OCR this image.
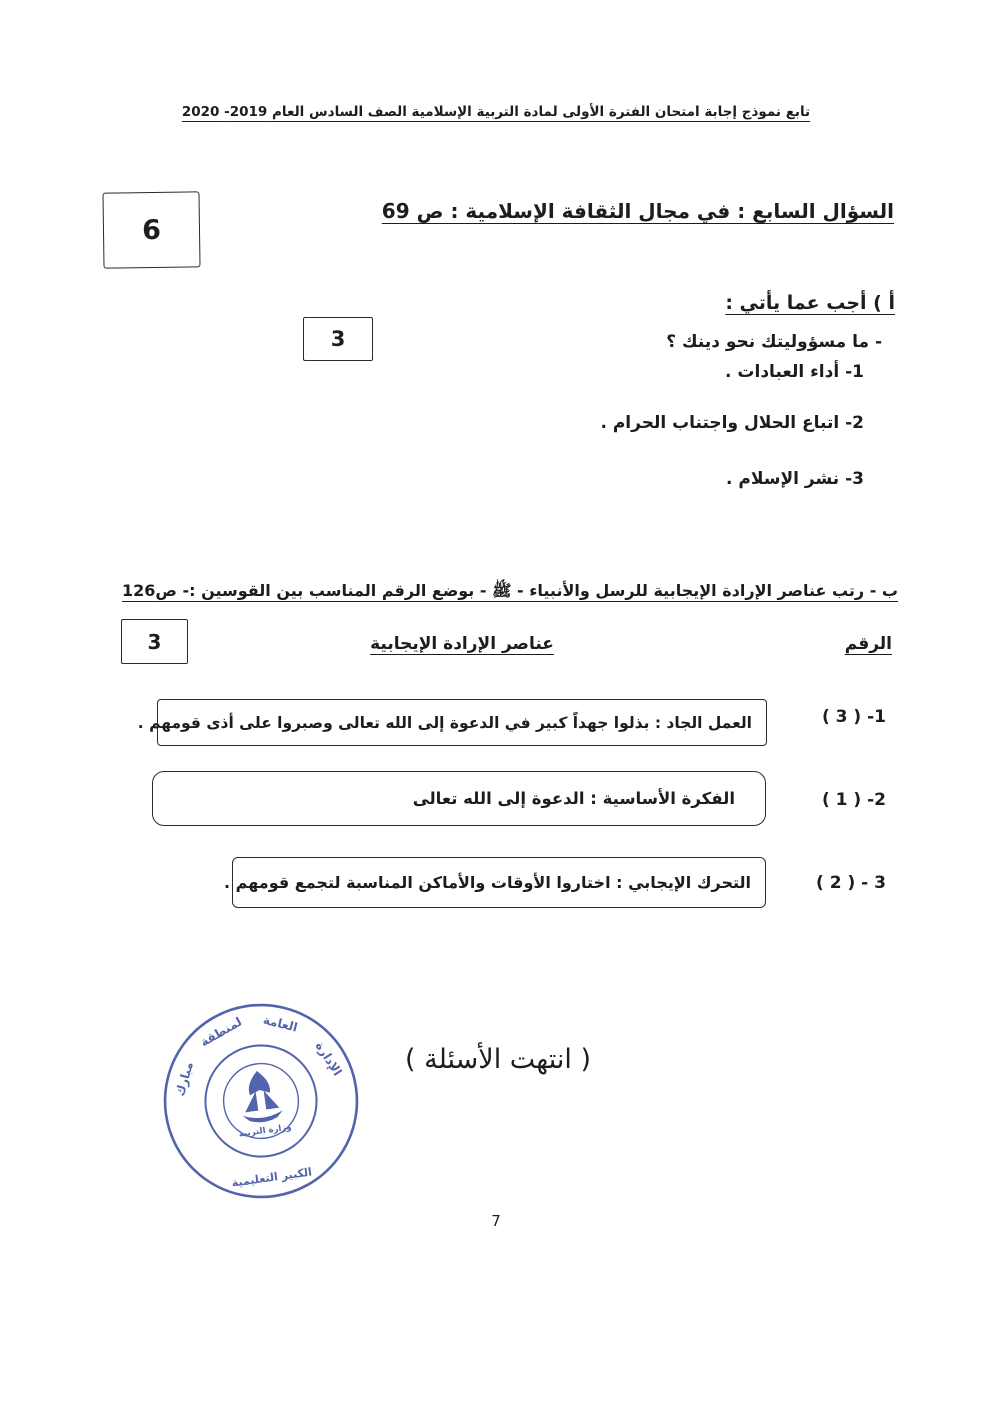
تابع نموذج إجابة امتحان الفترة الأولى لمادة التربية الإسلامية الصف السادس العام 2019- 2020
6
السؤال السابع : في مجال الثقافة الإسلامية : ص 69
أ ) أجب عما يأتي :
3	- ما مسؤوليتك نحو دينك ؟
1- أداء العبادات .
2- اتباع الحلال واجتناب الحرام .
3- نشر الإسلام .
ب - رتب عناصر الإرادة الإيجابية للرسل والأنبياء - ﷺ - بوضع الرقم المناسب بين القوسين :- ص126
الرقم
عناصر الإرادة الإيجابية
3
1- ( 3 )
العمل الجاد : بذلوا جهداً كبير في الدعوة إلى الله تعالى وصبروا على أذى قومهم .
2- ( 1 )
الفكرة الأساسية : الدعوة إلى الله تعالى
3 - ( 2 )
التحرك الإيجابي : اختاروا الأوقات والأماكن المناسبة لتجمع قومهم .
( انتهت الأسئلة )
الإدارة
العامة
لمنطقة
مبارك
الكبير التعليمية
وزارة التربية
7
